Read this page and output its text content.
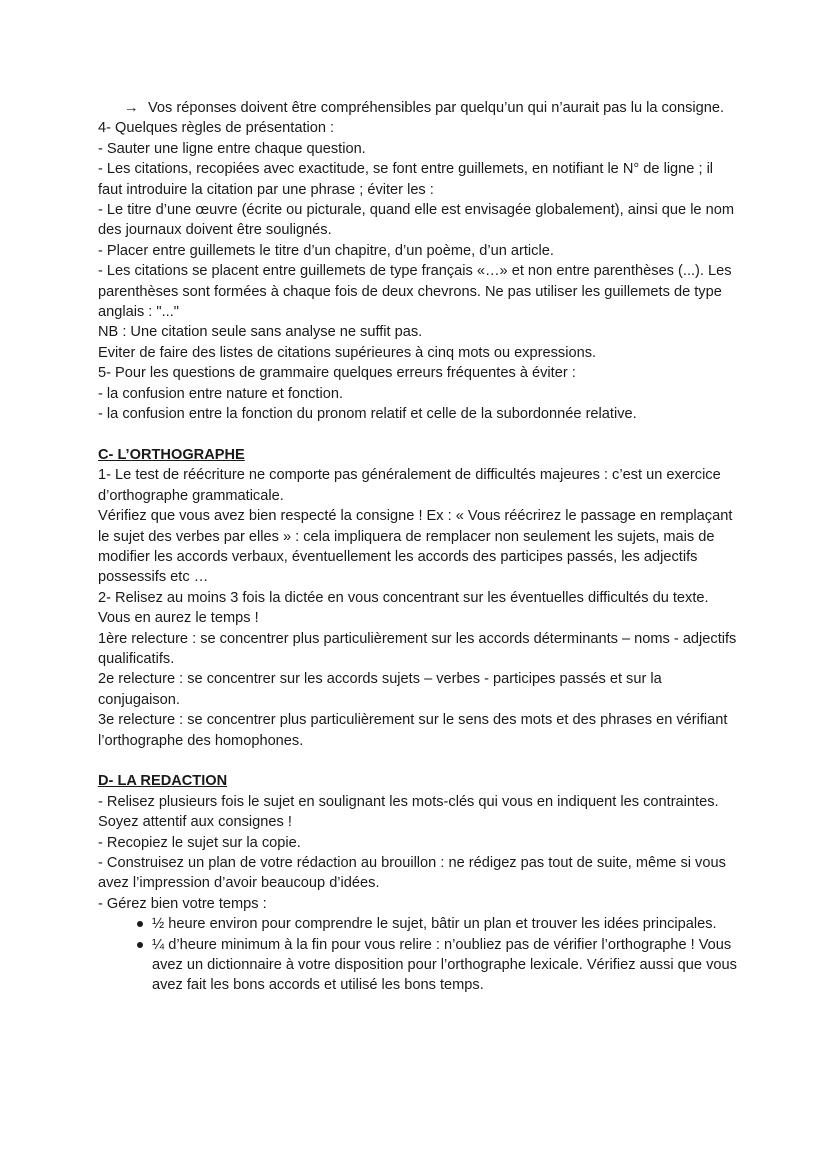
→ Vos réponses doivent être compréhensibles par quelqu’un qui n’aurait pas lu la consigne.

4- Quelques règles de présentation :

- Sauter une ligne entre chaque question.

- Les citations, recopiées avec exactitude, se font entre guillemets, en notifiant le N° de ligne ; il faut introduire la citation par une phrase ; éviter les :

- Le titre d’une œuvre (écrite ou picturale, quand elle est envisagée globalement), ainsi que le nom des journaux doivent être soulignés.

- Placer entre guillemets le titre d’un chapitre, d’un poème, d’un article.

- Les citations se placent entre guillemets de type français «…» et non entre parenthèses (...). Les parenthèses sont formées à chaque fois de deux chevrons. Ne pas utiliser les guillemets de type anglais : "..."

NB : Une citation seule sans analyse ne suffit pas.

Eviter de faire des listes de citations supérieures à cinq mots ou expressions.

5- Pour les questions de grammaire quelques erreurs fréquentes à éviter :

- la confusion entre nature et fonction.

- la confusion entre la fonction du pronom relatif et celle de la subordonnée relative.

C- L’ORTHOGRAPHE

1- Le test de réécriture ne comporte pas généralement de difficultés majeures : c’est un exercice d’orthographe grammaticale.

Vérifiez que vous avez bien respecté la consigne ! Ex : « Vous réécrirez le passage en remplaçant le sujet des verbes par elles » : cela impliquera de remplacer non seulement les sujets, mais de modifier les accords verbaux, éventuellement les accords des participes passés, les adjectifs possessifs etc …

2- Relisez au moins 3 fois la dictée en vous concentrant sur les éventuelles difficultés du texte. Vous en aurez le temps !

1ère relecture : se concentrer plus particulièrement sur les accords déterminants – noms - adjectifs qualificatifs.

2e relecture : se concentrer sur les accords sujets – verbes - participes passés et sur la conjugaison.

3e relecture : se concentrer plus particulièrement sur le sens des mots et des phrases en vérifiant l’orthographe des homophones.

D- LA REDACTION

- Relisez plusieurs fois le sujet en soulignant les mots-clés qui vous en indiquent les contraintes. Soyez attentif aux consignes !

- Recopiez le sujet sur la copie.

- Construisez un plan de votre rédaction au brouillon : ne rédigez pas tout de suite, même si vous avez l’impression d’avoir beaucoup d’idées.

- Gérez bien votre temps :

½ heure environ pour comprendre le sujet, bâtir un plan et trouver les idées principales.

¼ d’heure minimum à la fin pour vous relire : n’oubliez pas de vérifier l’orthographe ! Vous avez un dictionnaire à votre disposition pour l’orthographe lexicale. Vérifiez aussi que vous avez fait les bons accords et utilisé les bons temps.
